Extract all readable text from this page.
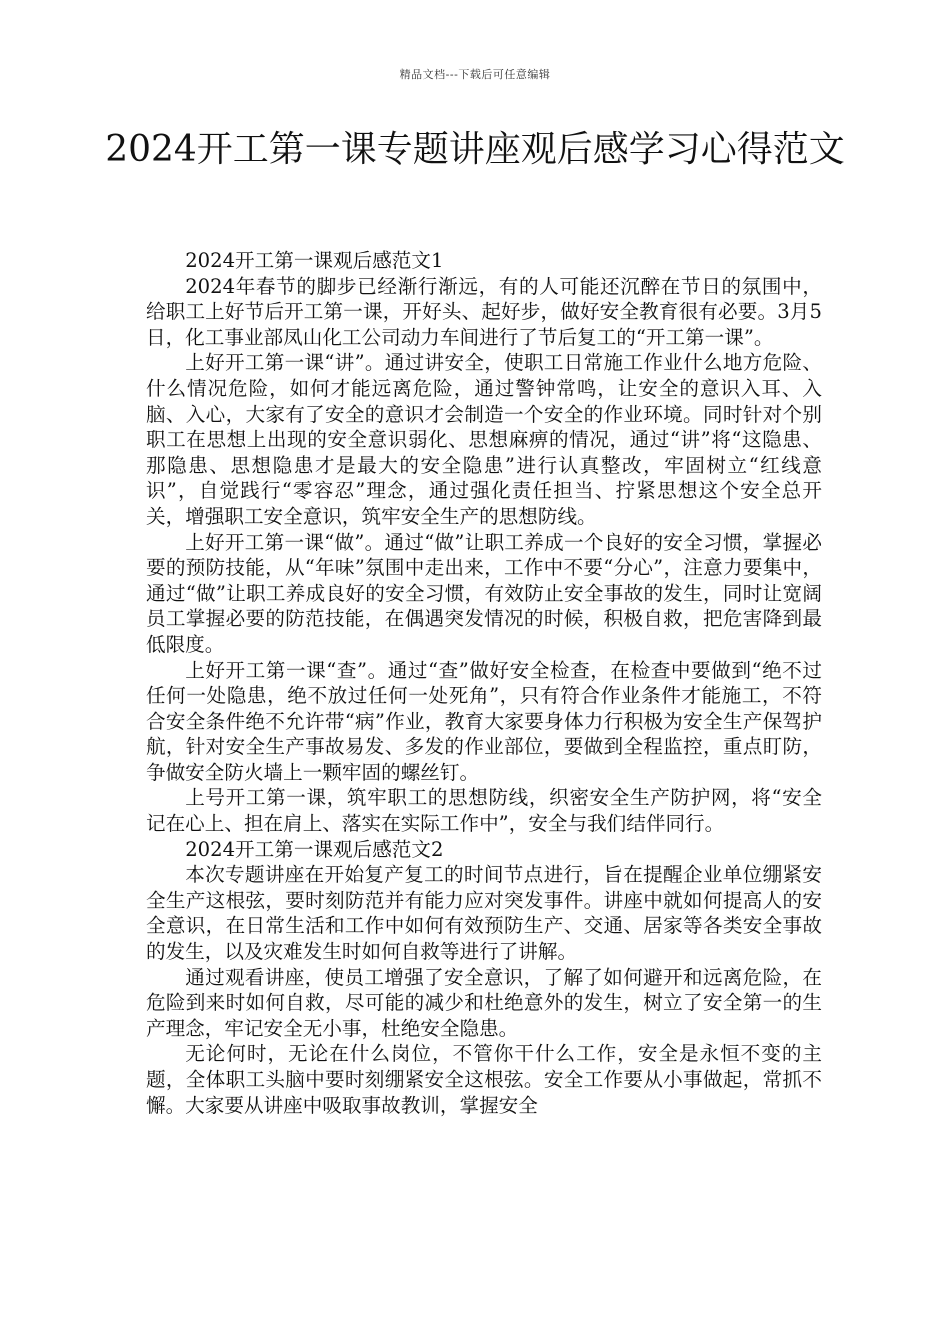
精品文档---下载后可任意编辑
2024开工第一课专题讲座观后感学习心得范文

2024开工第一课观后感范文1

2024年春节的脚步已经渐行渐远，有的人可能还沉醉在节日的氛围中，给职工上好节后开工第一课，开好头、起好步，做好安全教育很有必要。3月5日，化工事业部凤山化工公司动力车间进行了节后复工的“开工第一课”。

上好开工第一课“讲”。通过讲安全，使职工日常施工作业什么地方危险、什么情况危险，如何才能远离危险，通过警钟常鸣，让安全的意识入耳、入脑、入心，大家有了安全的意识才会制造一个安全的作业环境。同时针对个别职工在思想上出现的安全意识弱化、思想麻痹的情况，通过“讲”将“这隐患、那隐患、思想隐患才是最大的安全隐患”进行认真整改，牢固树立“红线意识”，自觉践行“零容忍”理念，通过强化责任担当、拧紧思想这个安全总开关，增强职工安全意识，筑牢安全生产的思想防线。

上好开工第一课“做”。通过“做”让职工养成一个良好的安全习惯，掌握必要的预防技能，从“年味”氛围中走出来，工作中不要“分心”，注意力要集中，通过“做”让职工养成良好的安全习惯，有效防止安全事故的发生，同时让宽阔员工掌握必要的防范技能，在偶遇突发情况的时候，积极自救，把危害降到最低限度。

上好开工第一课“查”。通过“查”做好安全检查，在检查中要做到“绝不过任何一处隐患，绝不放过任何一处死角”，只有符合作业条件才能施工，不符合安全条件绝不允许带“病”作业，教育大家要身体力行积极为安全生产保驾护航，针对安全生产事故易发、多发的作业部位，要做到全程监控，重点盯防，争做安全防火墙上一颗牢固的螺丝钉。

上号开工第一课，筑牢职工的思想防线，织密安全生产防护网，将“安全记在心上、担在肩上、落实在实际工作中”，安全与我们结伴同行。

2024开工第一课观后感范文2

本次专题讲座在开始复产复工的时间节点进行，旨在提醒企业单位绷紧安全生产这根弦，要时刻防范并有能力应对突发事件。讲座中就如何提高人的安全意识，在日常生活和工作中如何有效预防生产、交通、居家等各类安全事故的发生，以及灾难发生时如何自救等进行了讲解。

通过观看讲座，使员工增强了安全意识，了解了如何避开和远离危险，在危险到来时如何自救，尽可能的减少和杜绝意外的发生，树立了安全第一的生产理念，牢记安全无小事，杜绝安全隐患。

无论何时，无论在什么岗位，不管你干什么工作，安全是永恒不变的主题，全体职工头脑中要时刻绷紧安全这根弦。安全工作要从小事做起，常抓不懈。大家要从讲座中吸取事故教训，掌握安全
